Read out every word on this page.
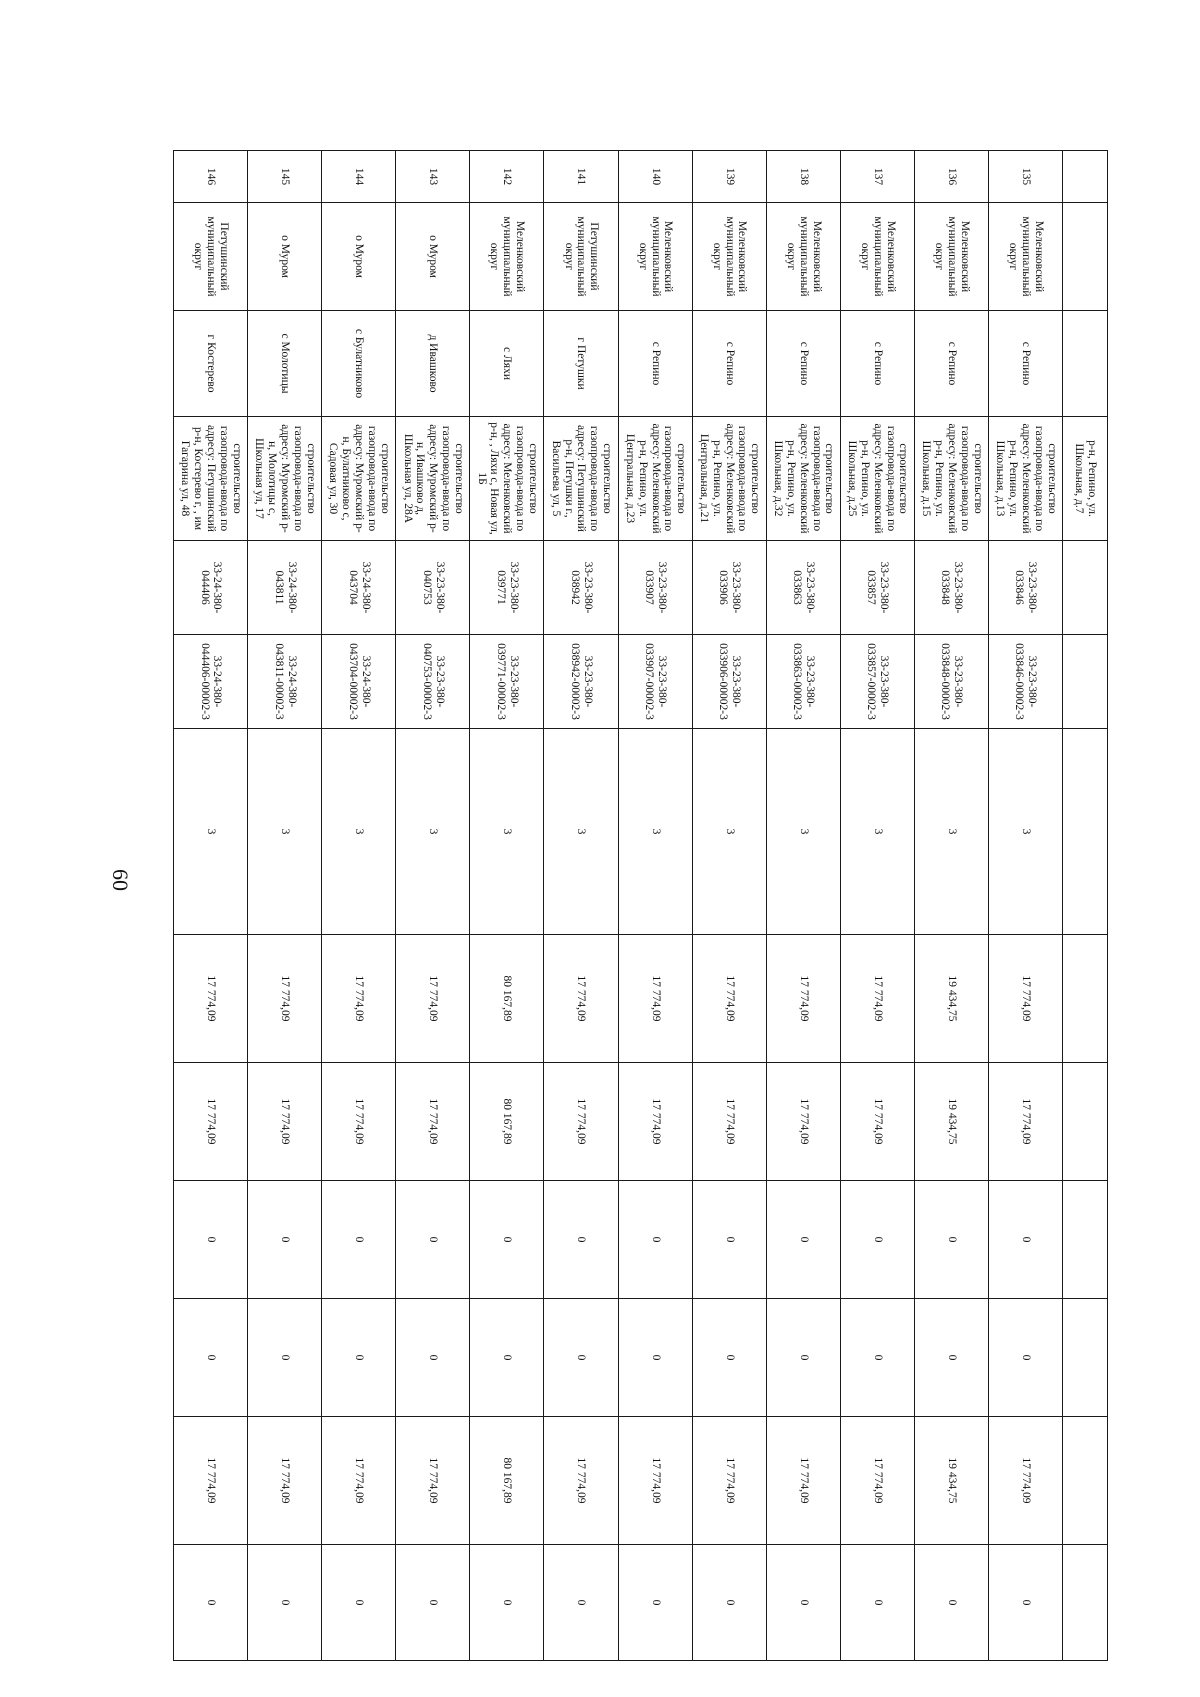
60
			р-н, Репино, ул. Школьная, д.7									
135	Меленковский муниципальный округ	с Репино	строительство газопровода-ввода по адресу: Меленковский р-н, Репино, ул. Школьная, д.13	33-23-380-033846	33-23-380-033846-00002-3	3	17 774,09	17 774,09	0	0	17 774,09	0
136	Меленковский муниципальный округ	с Репино	строительство газопровода-ввода по адресу: Меленковский р-н, Репино, ул. Школьная, д.15	33-23-380-033848	33-23-380-033848-00002-3	3	19 434,75	19 434,75	0	0	19 434,75	0
137	Меленковский муниципальный округ	с Репино	строительство газопровода-ввода по адресу: Меленковский р-н, Репино, ул. Школьная, д.25	33-23-380-033857	33-23-380-033857-00002-3	3	17 774,09	17 774,09	0	0	17 774,09	0
138	Меленковский муниципальный округ	с Репино	строительство газопровода-ввода по адресу: Меленковский р-н, Репино, ул. Школьная, д.32	33-23-380-033863	33-23-380-033863-00002-3	3	17 774,09	17 774,09	0	0	17 774,09	0
139	Меленковский муниципальный округ	с Репино	строительство газопровода-ввода по адресу: Меленковский р-н, Репино, ул. Центральная, д.21	33-23-380-033906	33-23-380-033906-00002-3	3	17 774,09	17 774,09	0	0	17 774,09	0
140	Меленковский муниципальный округ	с Репино	строительство газопровода-ввода по адресу: Меленковский р-н, Репино, ул. Центральная, д.23	33-23-380-033907	33-23-380-033907-00002-3	3	17 774,09	17 774,09	0	0	17 774,09	0
141	Петушинский муниципальный округ	г Петушки	строительство газопровода-ввода по адресу: Петушинский р-н, Петушки г., Васильева ул, 5	33-23-380-038942	33-23-380-038942-00002-3	3	17 774,09	17 774,09	0	0	17 774,09	0
142	Меленковский муниципальный округ	с Ляхи	строительство газопровода-ввода по адресу: Меленковский р-н, , Ляхи с, Новая ул, 1Б	33-23-380-039771	33-23-380-039771-00002-3	3	80 167,89	80 167,89	0	0	80 167,89	0
143	о Муром	д Ивашково	строительство газопровода-ввода по адресу: Муромский р-н, Ивашково д, Школьная ул, 28А	33-23-380-040753	33-23-380-040753-00002-3	3	17 774,09	17 774,09	0	0	17 774,09	0
144	о Муром	с Булатниково	строительство газопровода-ввода по адресу: Муромский р-н, Булатниково с, Садовая ул, 30	33-24-380-043704	33-24-380-043704-00002-3	3	17 774,09	17 774,09	0	0	17 774,09	0
145	о Муром	с Молотицы	строительство газопровода-ввода по адресу: Муромский р-н, Молотицы с, Школьная ул, 17	33-24-380-043811	33-24-380-043811-00002-3	3	17 774,09	17 774,09	0	0	17 774,09	0
146	Петушинский муниципальный округ	г Костерево	строительство газопровода-ввода по адресу: Петушинский р-н, Костерево г, , им Гагарина ул, 48	33-24-380-044406	33-24-380-044406-00002-3	3	17 774,09	17 774,09	0	0	17 774,09	0
